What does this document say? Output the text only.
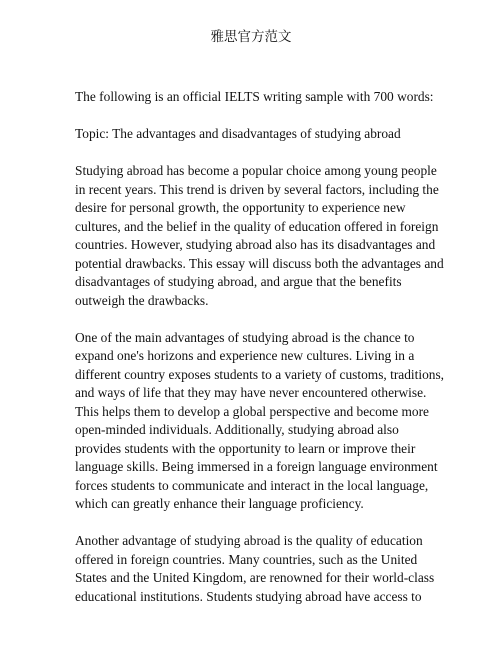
雅思官方范文

The following is an official IELTS writing sample with 700 words:

Topic: The advantages and disadvantages of studying abroad

Studying abroad has become a popular choice among young people in recent years. This trend is driven by several factors, including the desire for personal growth, the opportunity to experience new cultures, and the belief in the quality of education offered in foreign countries. However, studying abroad also has its disadvantages and potential drawbacks. This essay will discuss both the advantages and disadvantages of studying abroad, and argue that the benefits outweigh the drawbacks.

One of the main advantages of studying abroad is the chance to expand one's horizons and experience new cultures. Living in a different country exposes students to a variety of customs, traditions, and ways of life that they may have never encountered otherwise. This helps them to develop a global perspective and become more open-minded individuals. Additionally, studying abroad also provides students with the opportunity to learn or improve their language skills. Being immersed in a foreign language environment forces students to communicate and interact in the local language, which can greatly enhance their language proficiency.

Another advantage of studying abroad is the quality of education offered in foreign countries. Many countries, such as the United States and the United Kingdom, are renowned for their world-class educational institutions. Students studying abroad have access to
